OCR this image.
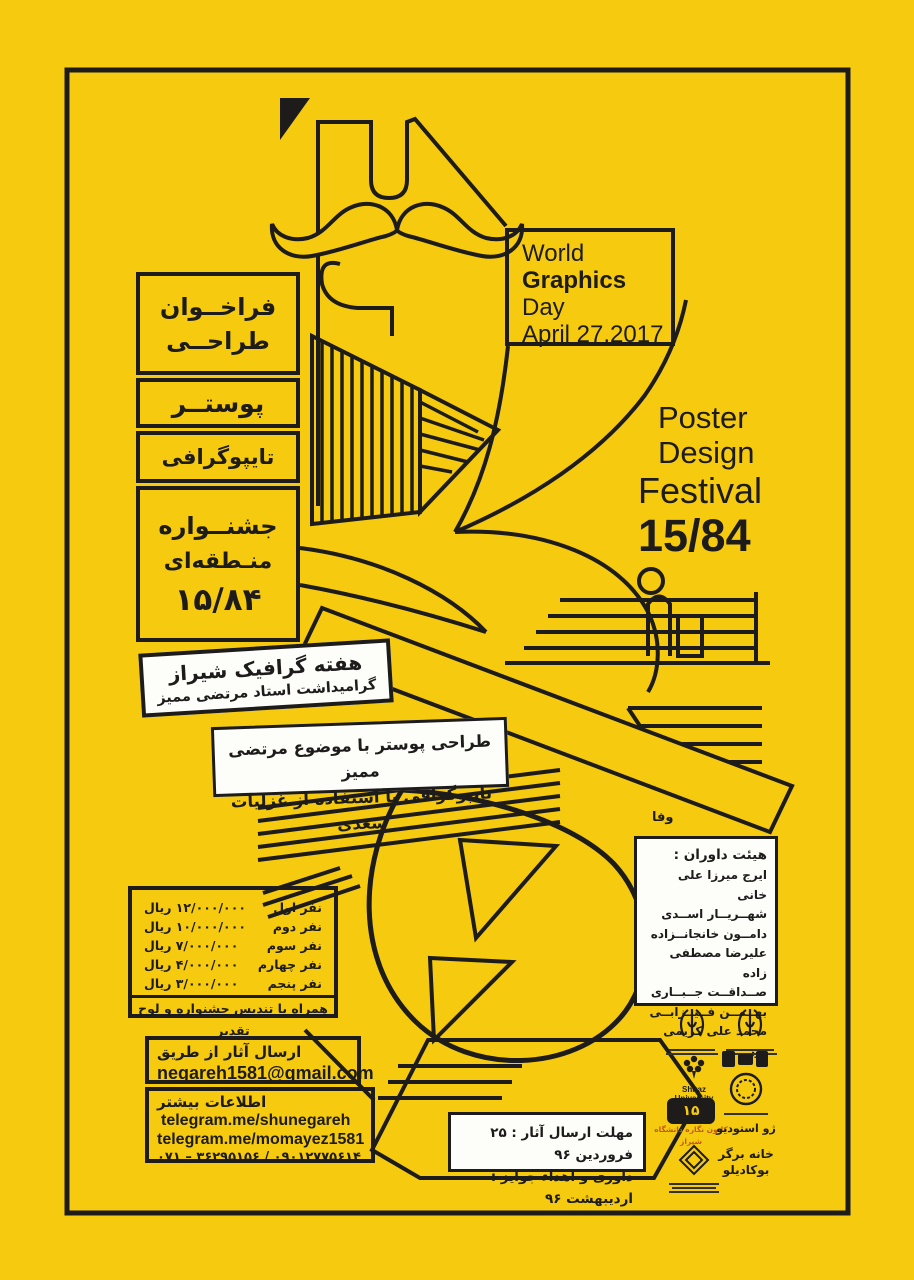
World
Graphics
Day
April 27,2017
Poster
Design
Festival
15/84
فراخــوان
طراحــی
پوستــر
تایپوگرافی
جشنــواره
منـطقه‌ای
۱۵/۸۴
هفته گرافیک شیراز
گرامیداشت استاد مرتضی ممیز
طراحی پوستر با موضوع مرتضی ممیز
تایپوگرافی با استفاده از غزلیات سعدی	وفا
هیئت داوران :
ایرج میرزا علی خانی
شهــریــار اســدی
دامــون خانجانــزاده
علیرضا مصطفی زاده
صــداقــت جــبــاری
بهــمــن فــیــزابــی
محمد علی کریمی
نفر اول
۱۲/۰۰۰/۰۰۰ ریال
نفر دوم
۱۰/۰۰۰/۰۰۰ ریال
نفر سوم
۷/۰۰۰/۰۰۰ ریال
نفر چهارم
۴/۰۰۰/۰۰۰ ریال
نفر پنجم
۳/۰۰۰/۰۰۰ ریال
همراه با تندیس جشنواره و لوح تقدیر
ارسال آثار از طریق
negareh1581@gmail.com
اطلاعات بیشتر
telegram.me/shunegareh
telegram.me/momayez1581
۰۷۱ – ۳۶۲۹۵۱۵۶ / ۰۹۰۱۲۷۷۵۶۱۴
مهلت ارسال آثار : ۲۵ فروردین ۹۶
داوری و اهداء جوایز : اردیبهشت ۹۶
Shiraz
۱۵
کانون نگاره دانشگاه شیراز
ژو استودیو
خانه برگر
بوکادیلو
